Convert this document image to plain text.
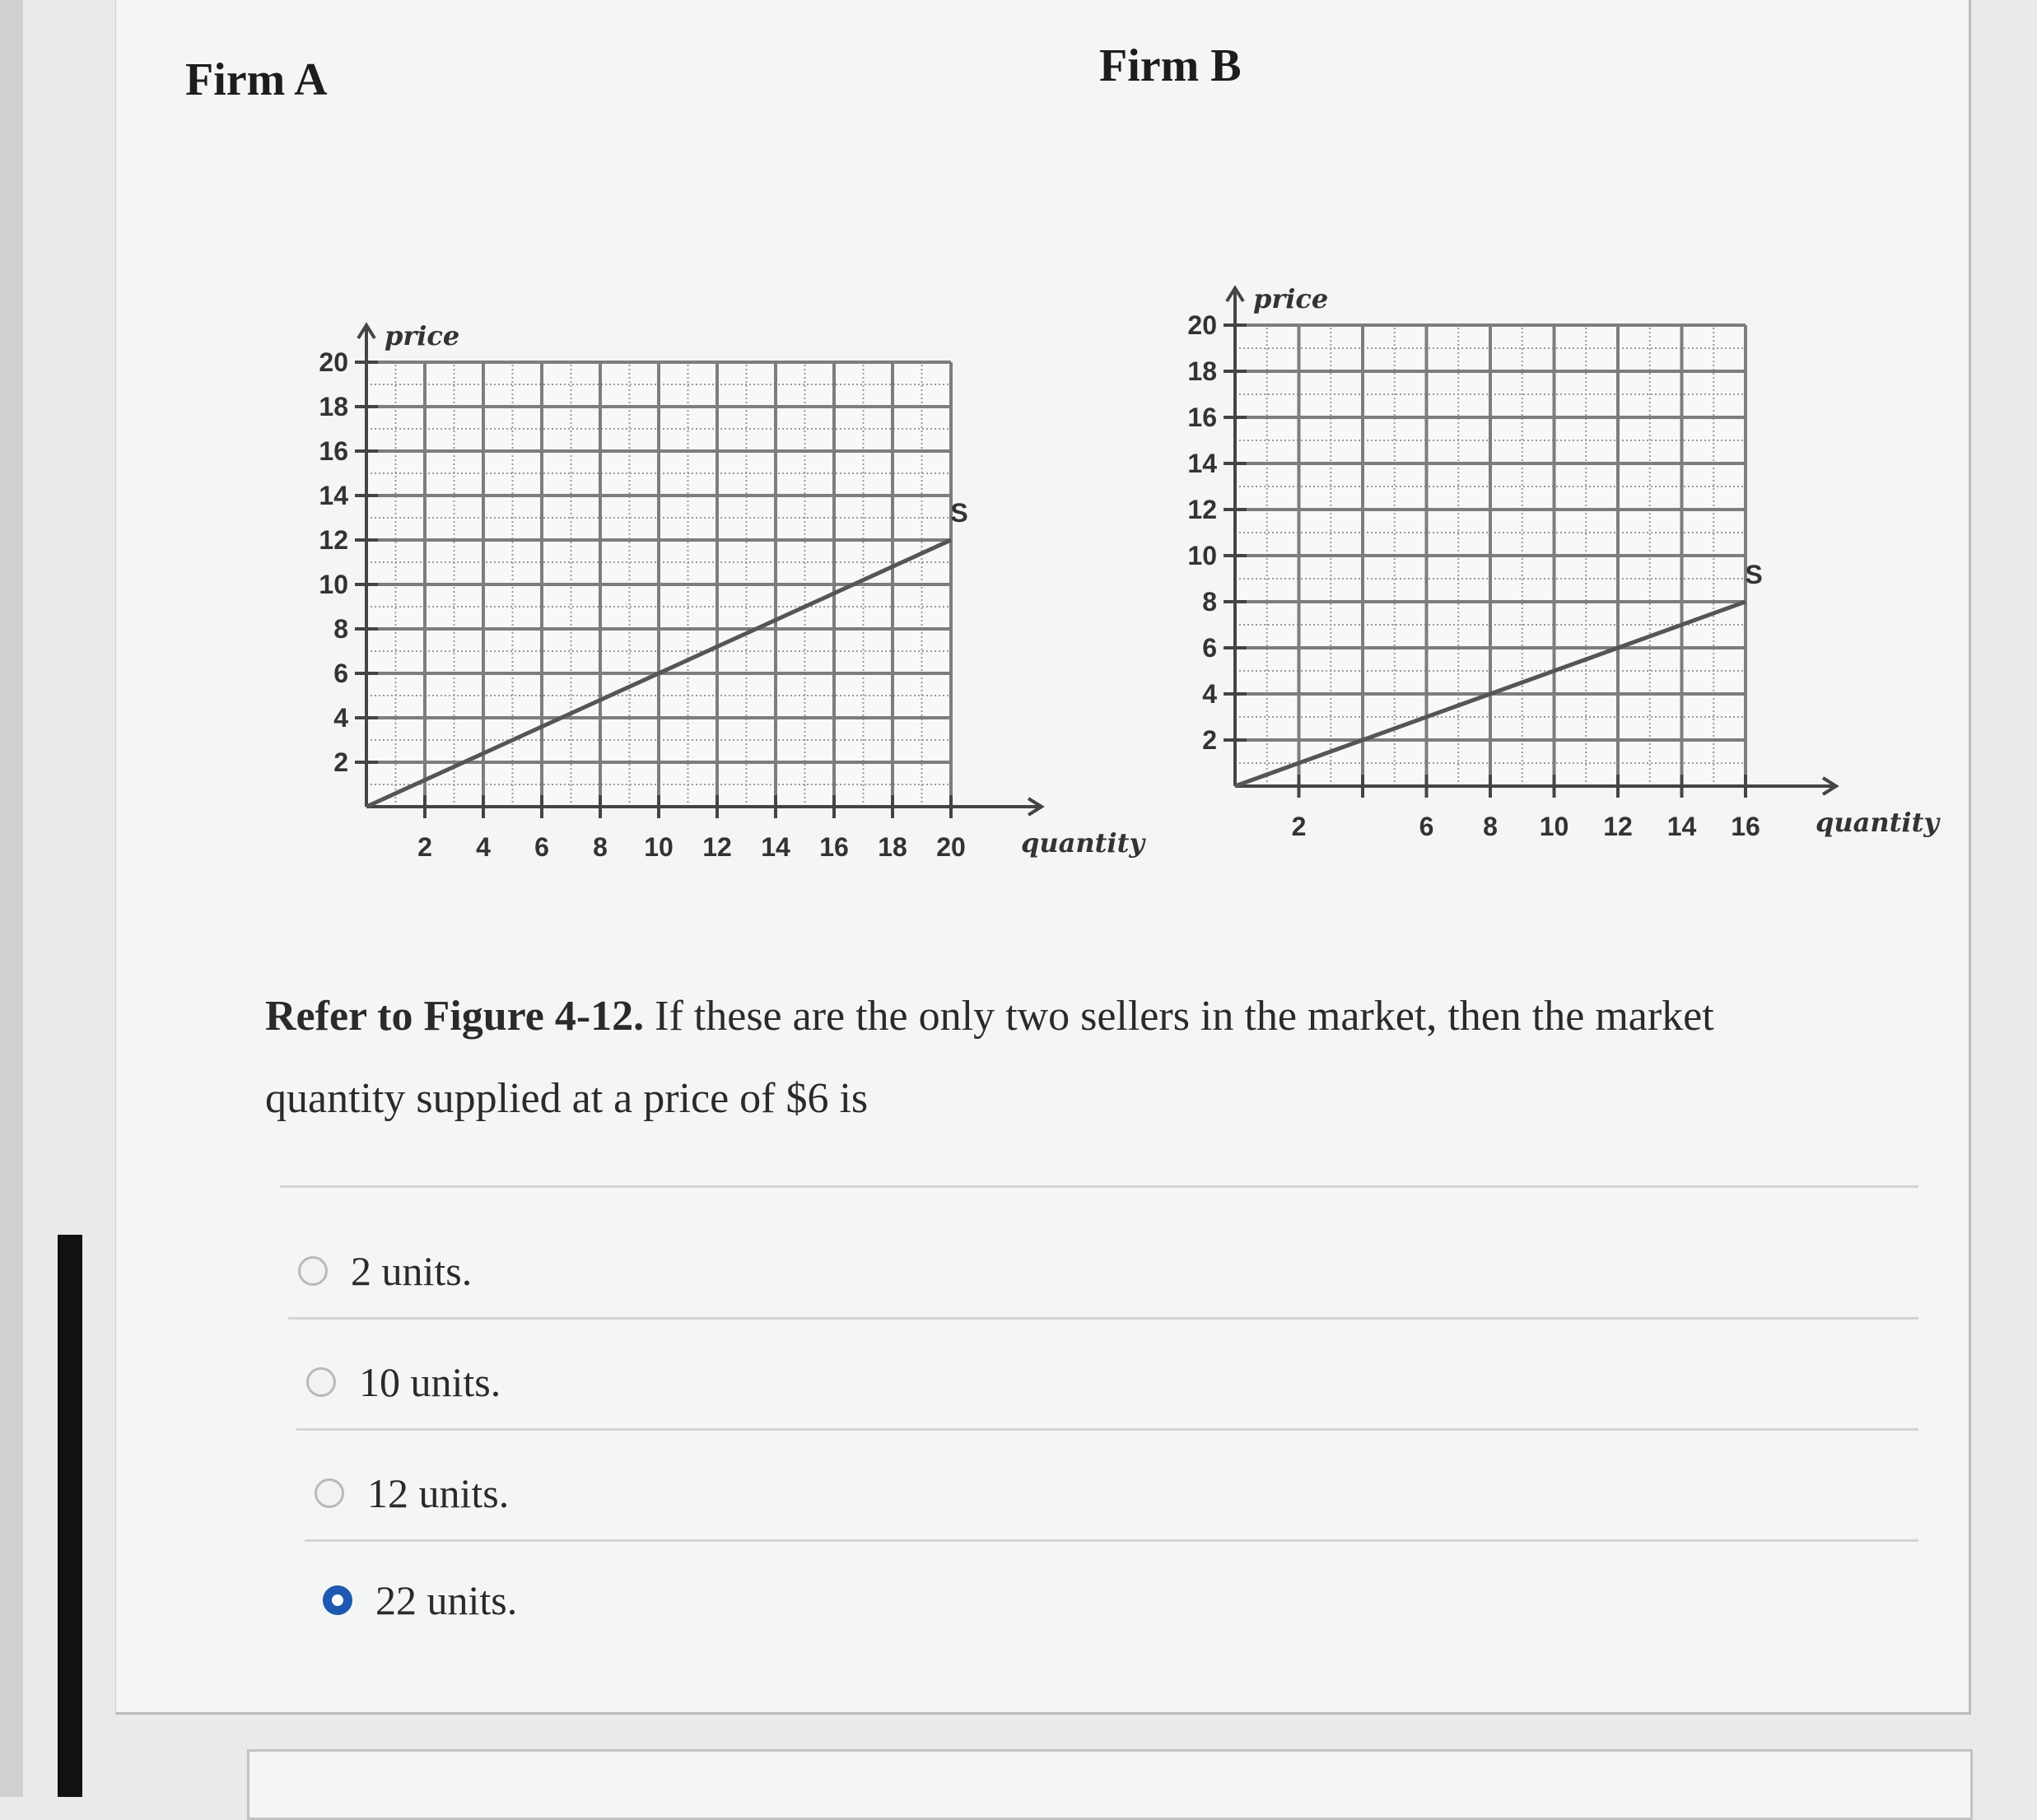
Firm A	Firm B
2
4
6
8
10
12
14
16
18
20
2 4 6 8 10 12 14 16 18 20
price
quantity
S
2
4
6
8
10
12
14
16
18
20
2	6 8 10 12 14 16
price
quantity
S
Refer to Figure 4-12. If these are the only two sellers in the market, then the market
quantity supplied at a price of $6 is
2 units.
10 units.
12 units.
22 units.
